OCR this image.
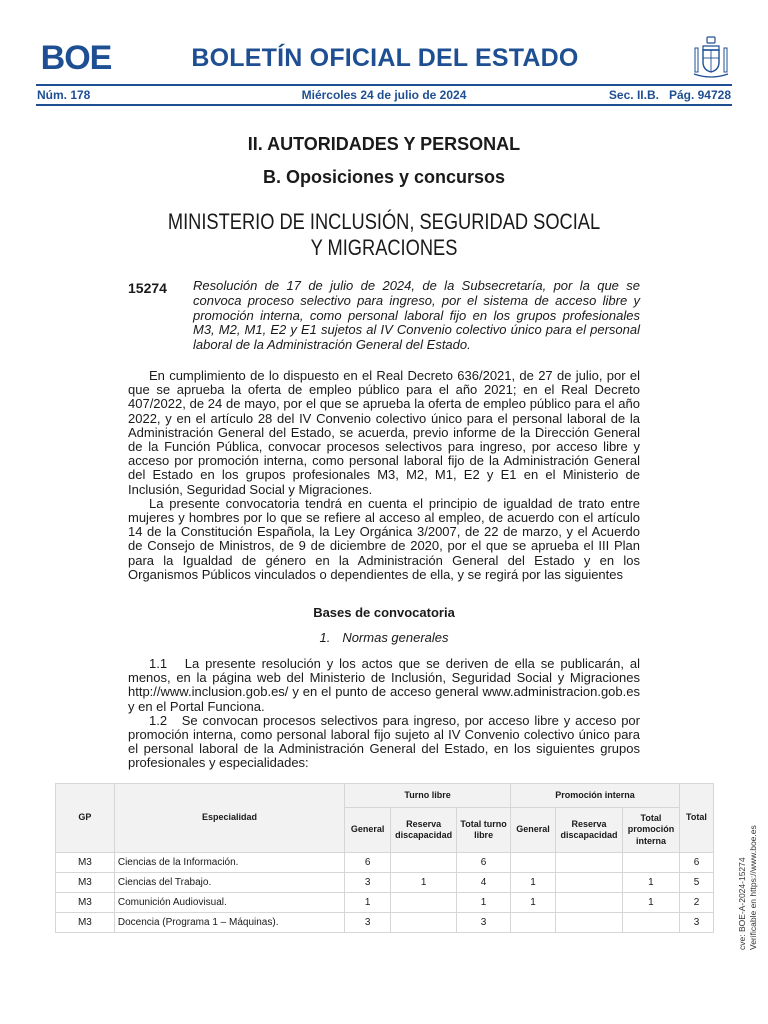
BOE	BOLETÍN OFICIAL DEL ESTADO
Núm. 178	Miércoles 24 de julio de 2024	Sec. II.B.   Pág. 94728
II. AUTORIDADES Y PERSONAL
B. Oposiciones y concursos
MINISTERIO DE INCLUSIÓN, SEGURIDAD SOCIAL
Y MIGRACIONES
15274 Resolución de 17 de julio de 2024, de la Subsecretaría, por la que se convoca proceso selectivo para ingreso, por el sistema de acceso libre y promoción interna, como personal laboral fijo en los grupos profesionales M3, M2, M1, E2 y E1 sujetos al IV Convenio colectivo único para el personal laboral de la Administración General del Estado.

En cumplimiento de lo dispuesto en el Real Decreto 636/2021, de 27 de julio, por el que se aprueba la oferta de empleo público para el año 2021; en el Real Decreto 407/2022, de 24 de mayo, por el que se aprueba la oferta de empleo público para el año 2022, y en el artículo 28 del IV Convenio colectivo único para el personal laboral de la Administración General del Estado, se acuerda, previo informe de la Dirección General de la Función Pública, convocar procesos selectivos para ingreso, por acceso libre y acceso por promoción interna, como personal laboral fijo de la Administración General del Estado en los grupos profesionales M3, M2, M1, E2 y E1 en el Ministerio de Inclusión, Seguridad Social y Migraciones.

La presente convocatoria tendrá en cuenta el principio de igualdad de trato entre mujeres y hombres por lo que se refiere al acceso al empleo, de acuerdo con el artículo 14 de la Constitución Española, la Ley Orgánica 3/2007, de 22 de marzo, y el Acuerdo de Consejo de Ministros, de 9 de diciembre de 2020, por el que se aprueba el III Plan para la Igualdad de género en la Administración General del Estado y en los Organismos Públicos vinculados o dependientes de ella, y se regirá por las siguientes

Bases de convocatoria
1. Normas generales

1.1   La presente resolución y los actos que se deriven de ella se publicarán, al menos, en la página web del Ministerio de Inclusión, Seguridad Social y Migraciones http://www.inclusion.gob.es/ y en el punto de acceso general www.administracion.gob.es y en el Portal Funciona.

1.2   Se convocan procesos selectivos para ingreso, por acceso libre y acceso por promoción interna, como personal laboral fijo sujeto al IV Convenio colectivo único para el personal laboral de la Administración General del Estado, en los siguientes grupos profesionales y especialidades:

GP	Especialidad	Turno libre			Promoción interna			Total
		General	Reserva discapacidad	Total turno libre	General	Reserva discapacidad	Total promoción interna	
M3	Ciencias de la Información.	6		6				6
M3	Ciencias del Trabajo.	3	1	4	1		1	5
M3	Comunición Audiovisual.	1		1	1		1	2
M3	Docencia (Programa 1 – Máquinas).	3		3				3	cve: BOE-A-2024-15274 Verificable en https://www.boe.es
